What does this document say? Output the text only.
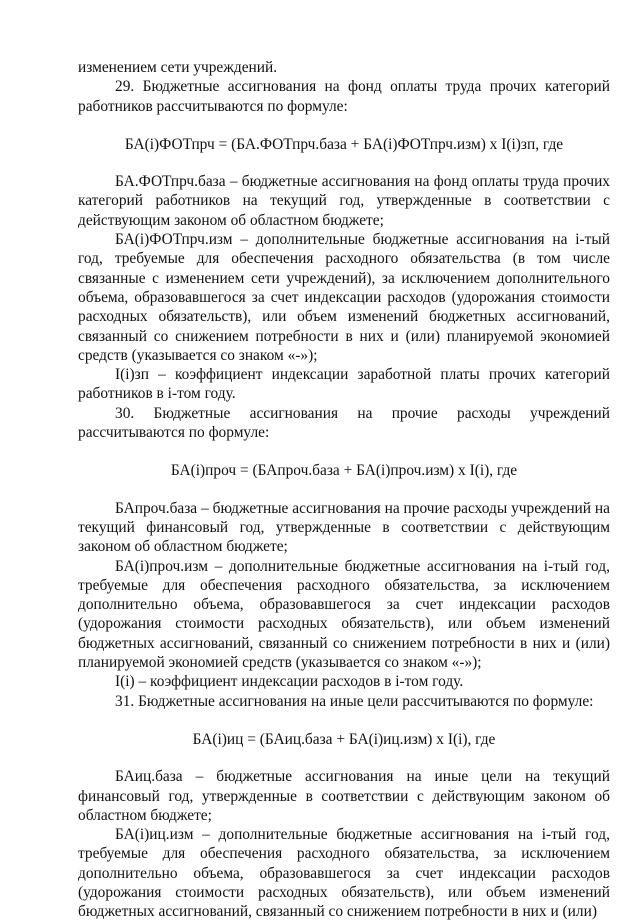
изменением сети учреждений.

29. Бюджетные ассигнования на фонд оплаты труда прочих категорий работников рассчитываются по формуле:

БА(i)ФОТпрч = (БА.ФОТпрч.база + БА(i)ФОТпрч.изм) х I(i)зп, где

БА.ФОТпрч.база – бюджетные ассигнования на фонд оплаты труда прочих категорий работников на текущий год, утвержденные в соответствии с действующим законом об областном бюджете;

БА(i)ФОТпрч.изм – дополнительные бюджетные ассигнования на i-тый год, требуемые для обеспечения расходного обязательства (в том числе связанные с изменением сети учреждений), за исключением дополнительного объема, образовавшегося за счет индексации расходов (удорожания стоимости расходных обязательств), или объем изменений бюджетных ассигнований, связанный со снижением потребности в них и (или) планируемой экономией средств (указывается со знаком «-»);

I(i)зп – коэффициент индексации заработной платы прочих категорий работников в i-том году.

30. Бюджетные ассигнования на прочие расходы учреждений рассчитываются по формуле:

БА(i)проч = (БАпроч.база + БА(i)проч.изм) х I(i), где

БАпроч.база – бюджетные ассигнования на прочие расходы учреждений на текущий финансовый год, утвержденные в соответствии с действующим законом об областном бюджете;

БА(i)проч.изм – дополнительные бюджетные ассигнования на i-тый год, требуемые для обеспечения расходного обязательства, за исключением дополнительно объема, образовавшегося за счет индексации расходов (удорожания стоимости расходных обязательств), или объем изменений бюджетных ассигнований, связанный со снижением потребности в них и (или) планируемой экономией средств (указывается со знаком «-»);

I(i) – коэффициент индексации расходов в i-том году.

31. Бюджетные ассигнования на иные цели рассчитываются по формуле:

БА(i)иц = (БАиц.база + БА(i)иц.изм) х I(i), где

БАиц.база – бюджетные ассигнования на иные цели на текущий финансовый год, утвержденные в соответствии с действующим законом об областном бюджете;

БА(i)иц.изм – дополнительные бюджетные ассигнования на i-тый год, требуемые для обеспечения расходного обязательства, за исключением дополнительно объема, образовавшегося за счет индексации расходов (удорожания стоимости расходных обязательств), или объем изменений бюджетных ассигнований, связанный со снижением потребности в них и (или)
